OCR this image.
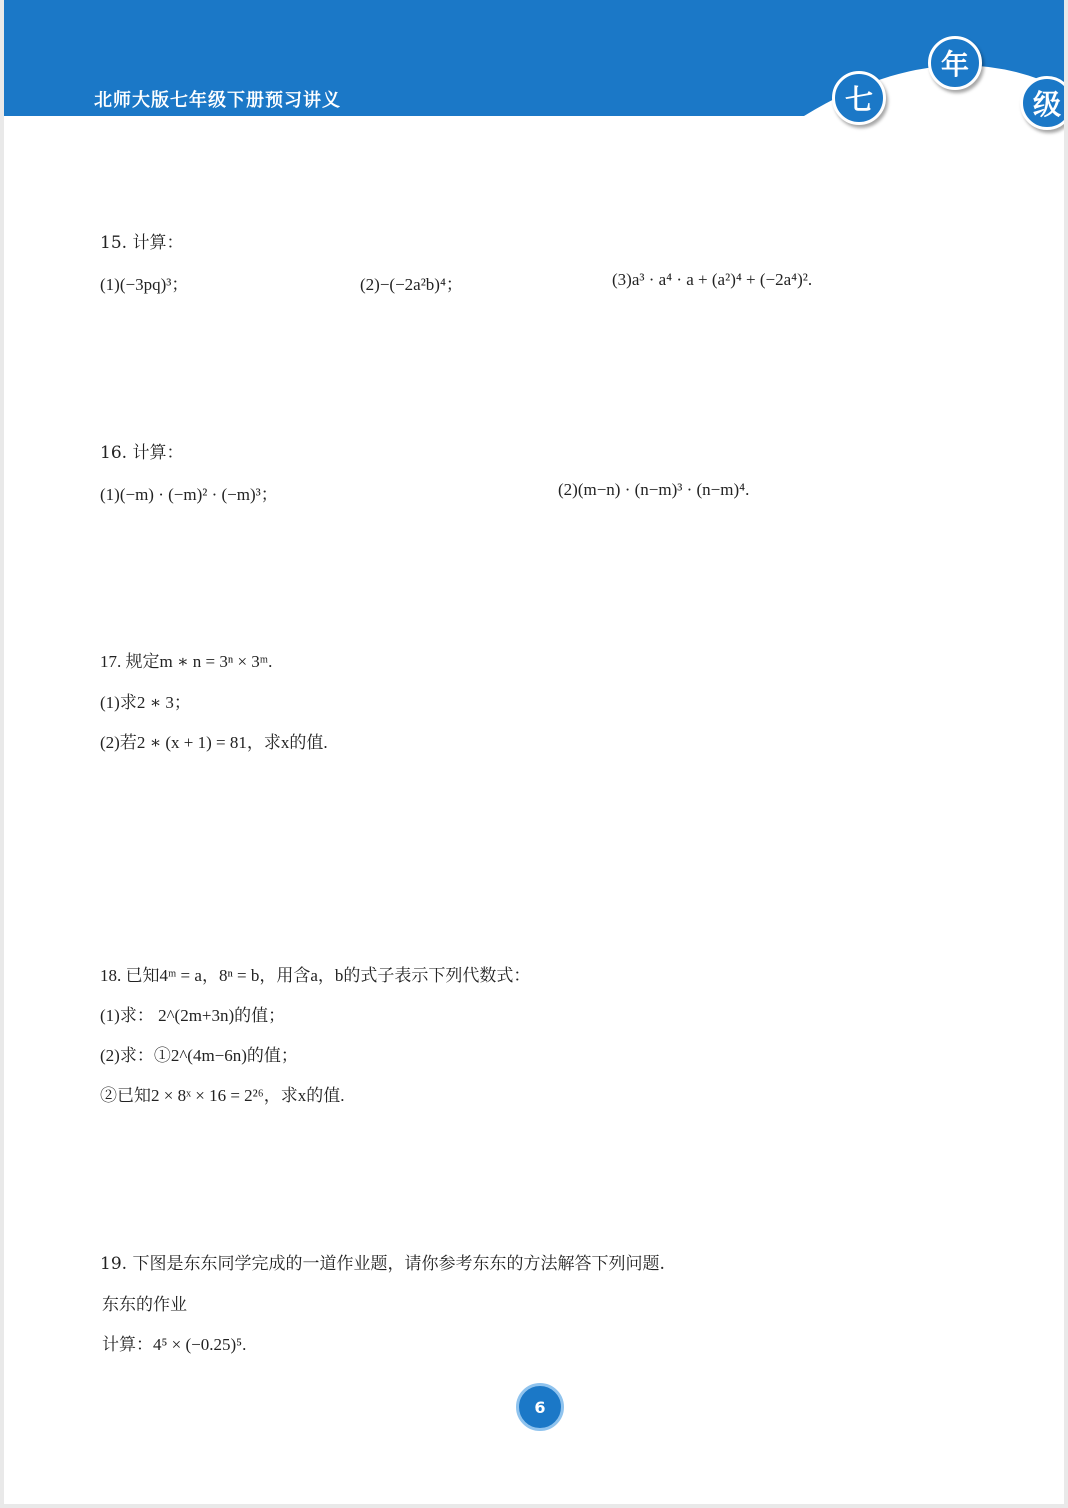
北师大版七年级下册预习讲义	七
年
级
15. 计算：
(1)(−3pq)³；	(2)−(−2a²b)⁴；	(3)a³ · a⁴ · a + (a²)⁴ + (−2a⁴)².
16. 计算：
(1)(−m) · (−m)² · (−m)³；	(2)(m−n) · (n−m)³ · (n−m)⁴.
17. 规定m ∗ n = 3ⁿ × 3ᵐ.
(1)求2 ∗ 3；
(2)若2 ∗ (x + 1) = 81，求x的值.
18. 已知4ᵐ = a，8ⁿ = b，用含a，b的式子表示下列代数式：
(1)求： 2^(2m+3n)的值；
(2)求：①2^(4m−6n)的值；
②已知2 × 8ˣ × 16 = 2²⁶，求x的值.
19. 下图是东东同学完成的一道作业题，请你参考东东的方法解答下列问题.
东东的作业
计算：4⁵ × (−0.25)⁵.
6
